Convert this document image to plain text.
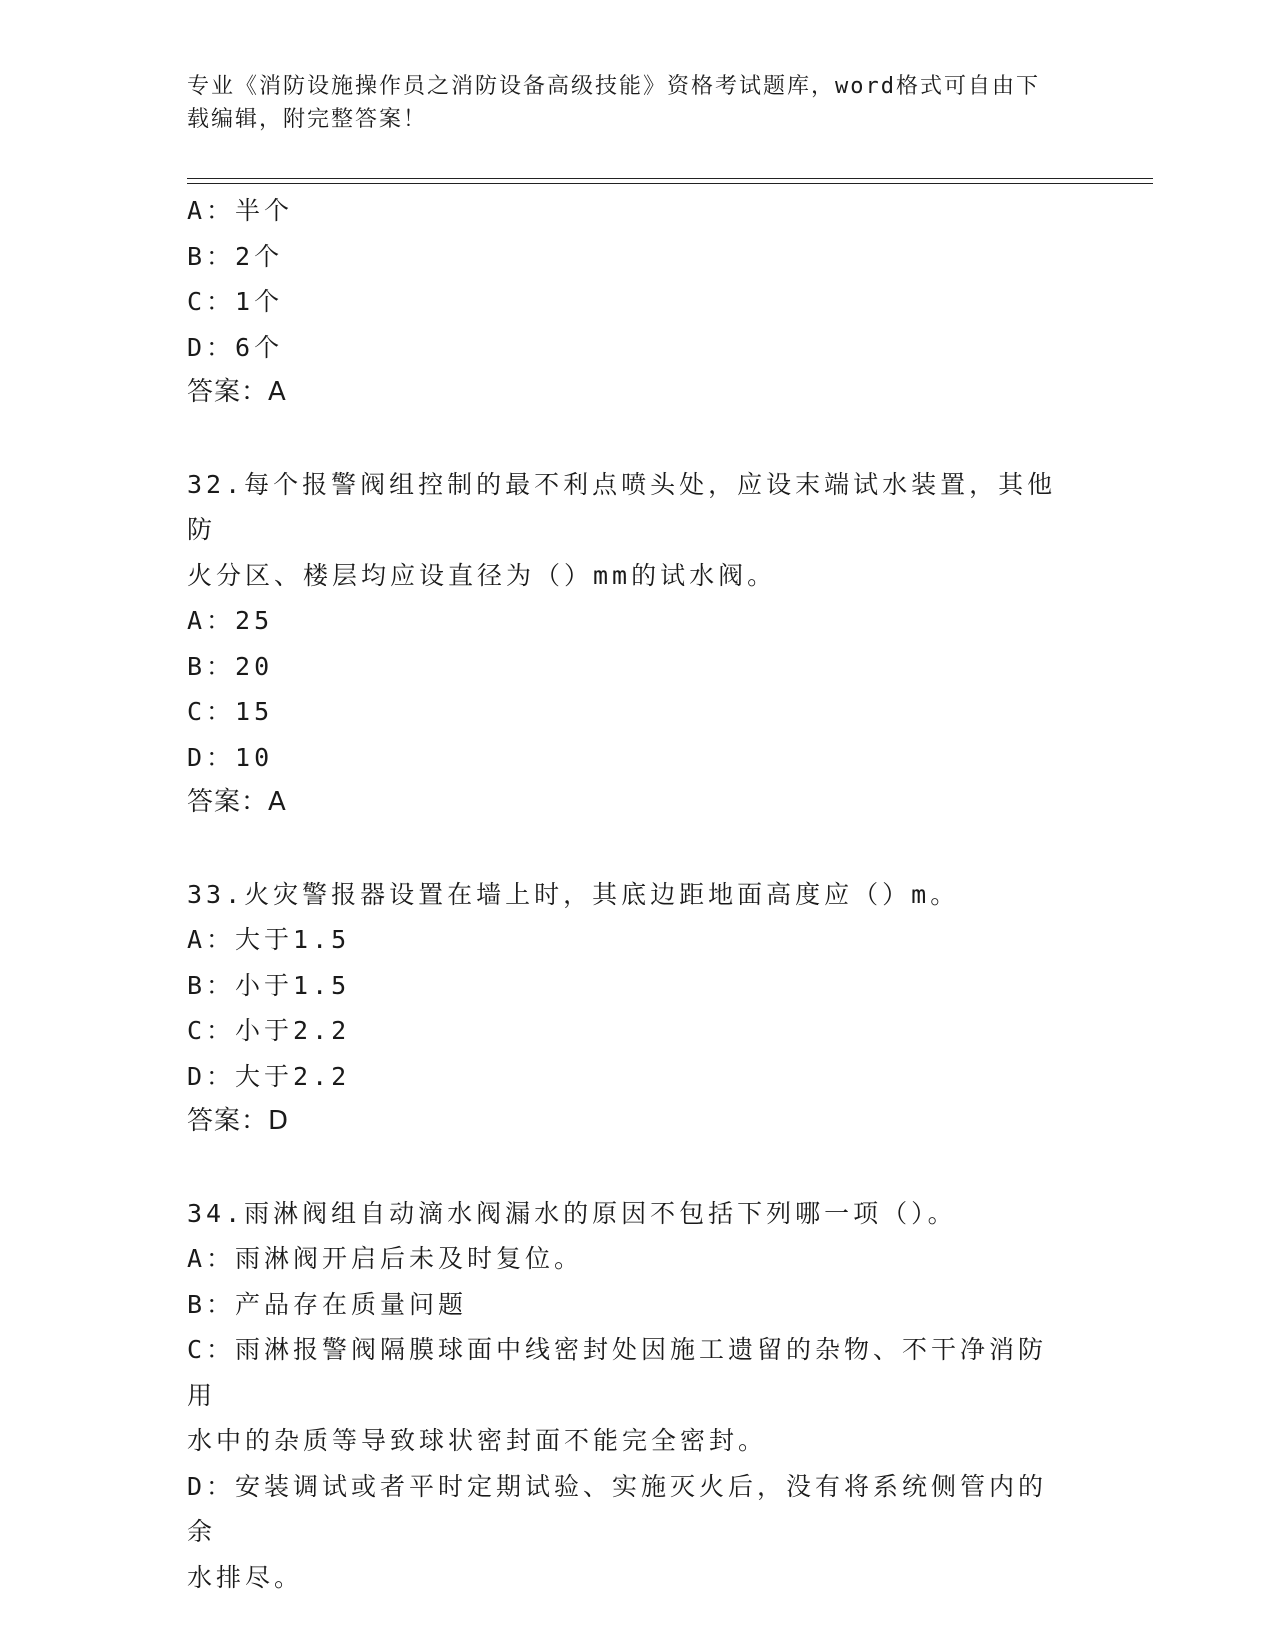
专业《消防设施操作员之消防设备高级技能》资格考试题库，word格式可自由下
载编辑，附完整答案！
A：半个
B：2个
C：1个
D：6个
答案：A
32.每个报警阀组控制的最不利点喷头处，应设末端试水装置，其他防
火分区、楼层均应设直径为（）mm的试水阀。
A：25
B：20
C：15
D：10
答案：A
33.火灾警报器设置在墙上时，其底边距地面高度应（）m。
A：大于1.5
B：小于1.5
C：小于2.2
D：大于2.2
答案：D
34.雨淋阀组自动滴水阀漏水的原因不包括下列哪一项（）。
A：雨淋阀开启后未及时复位。
B：产品存在质量问题
C：雨淋报警阀隔膜球面中线密封处因施工遗留的杂物、不干净消防用
水中的杂质等导致球状密封面不能完全密封。
D：安装调试或者平时定期试验、实施灭火后，没有将系统侧管内的余
水排尽。
